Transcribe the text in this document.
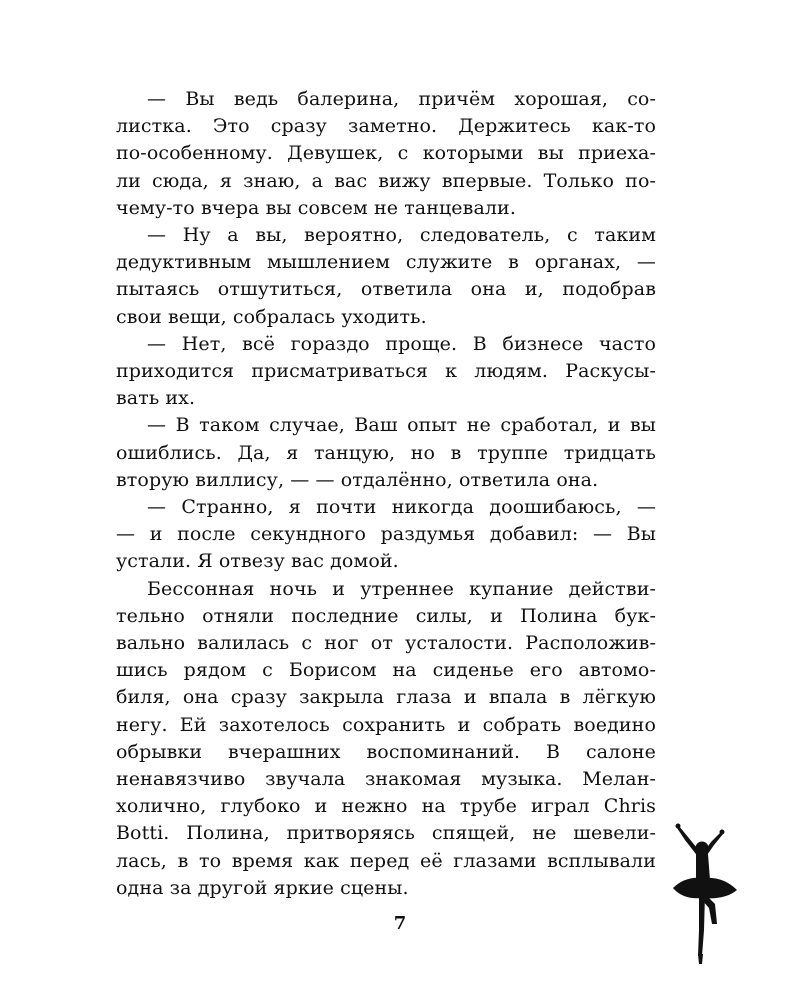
— Вы ведь балерина, причём хорошая, со-
листка. Это сразу заметно. Держитесь как-то
по-особенному. Девушек, с которыми вы приеха-
ли сюда, я знаю, а вас вижу впервые. Только по-
чему-то вчера вы совсем не танцевали.

— Ну а вы, вероятно, следователь, с таким
дедуктивным мышлением служите в органах, —
пытаясь отшутиться, ответила она и, подобрав
свои вещи, собралась уходить.

— Нет, всё гораздо проще. В бизнесе часто
приходится присматриваться к людям. Раскусы-
вать их.

— В таком случае, Ваш опыт не сработал, и вы
ошиблись. Да, я танцую, но в труппе тридцать
вторую виллису, — — отдалённо, ответила она.

— Странно, я почти никогда доошибаюсь, —
— и после секундного раздумья добавил: — Вы
устали. Я отвезу вас домой.

Бессонная ночь и утреннее купание действи-
тельно отняли последние силы, и Полина бук-
вально валилась с ног от усталости. Расположив-
шись рядом с Борисом на сиденье его автомо-
биля, она сразу закрыла глаза и впала в лёгкую
негу. Ей захотелось сохранить и собрать воедино
обрывки вчерашних воспоминаний. В салоне
ненавязчиво звучала знакомая музыка. Мелан-
холично, глубоко и нежно на трубе играл Chris
Botti. Полина, притворяясь спящей, не шевели-
лась, в то время как перед её глазами всплывали
одна за другой яркие сцены.

7
